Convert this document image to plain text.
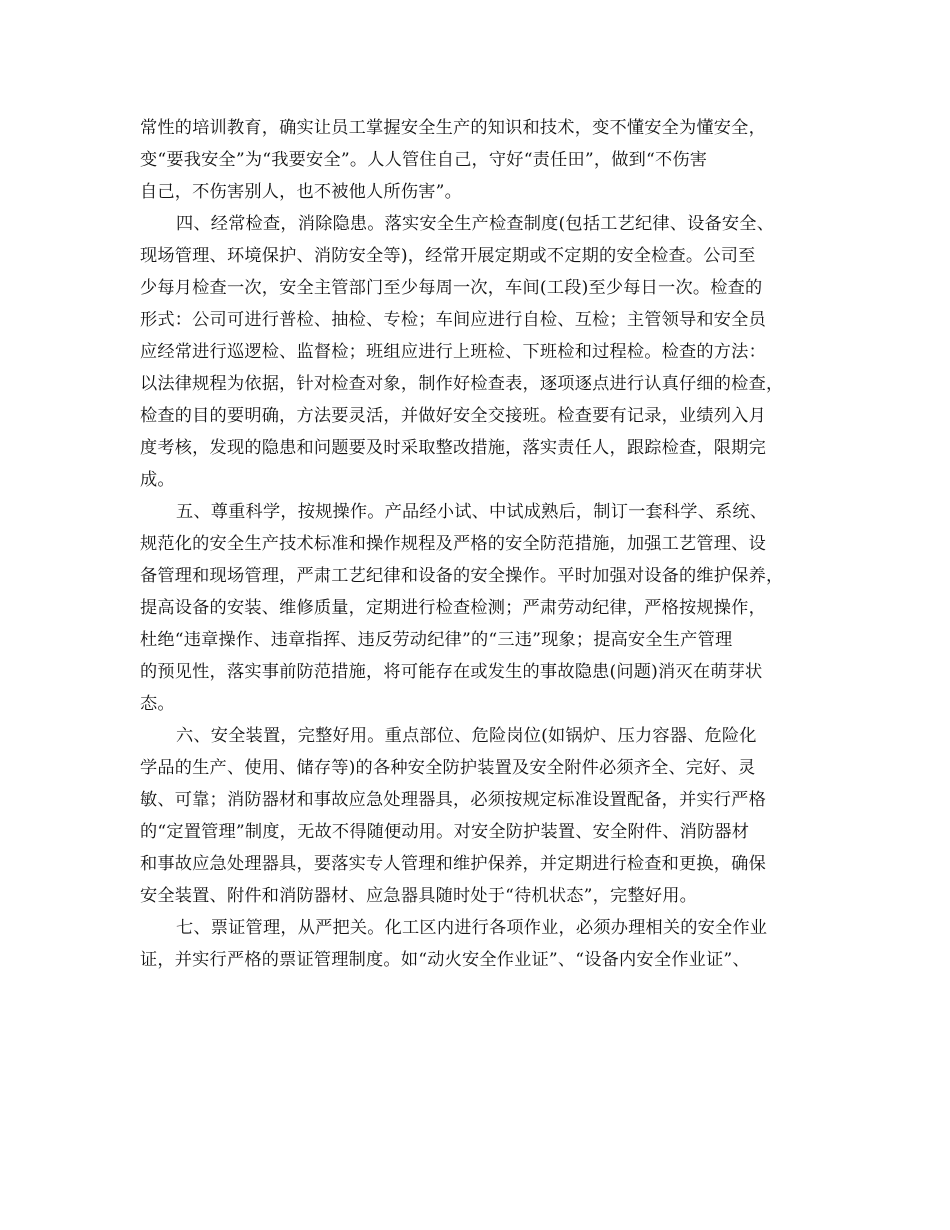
常性的培训教育，确实让员工掌握安全生产的知识和技术，变不懂安全为懂安全，
变“要我安全”为“我要安全”。人人管住自己，守好“责任田”，做到“不伤害
自己，不伤害别人，也不被他人所伤害”。
四、经常检查，消除隐患。落实安全生产检查制度(包括工艺纪律、设备安全、
现场管理、环境保护、消防安全等)，经常开展定期或不定期的安全检查。公司至
少每月检查一次，安全主管部门至少每周一次，车间(工段)至少每日一次。检查的
形式：公司可进行普检、抽检、专检；车间应进行自检、互检；主管领导和安全员
应经常进行巡逻检、监督检；班组应进行上班检、下班检和过程检。检查的方法：
以法律规程为依据，针对检查对象，制作好检查表，逐项逐点进行认真仔细的检查，
检查的目的要明确，方法要灵活，并做好安全交接班。检查要有记录，业绩列入月
度考核，发现的隐患和问题要及时采取整改措施，落实责任人，跟踪检查，限期完
成。
五、尊重科学，按规操作。产品经小试、中试成熟后，制订一套科学、系统、
规范化的安全生产技术标准和操作规程及严格的安全防范措施，加强工艺管理、设
备管理和现场管理，严肃工艺纪律和设备的安全操作。平时加强对设备的维护保养，
提高设备的安装、维修质量，定期进行检查检测；严肃劳动纪律，严格按规操作，
杜绝“违章操作、违章指挥、违反劳动纪律”的“三违”现象；提高安全生产管理
的预见性，落实事前防范措施，将可能存在或发生的事故隐患(问题)消灭在萌芽状
态。
六、安全装置，完整好用。重点部位、危险岗位(如锅炉、压力容器、危险化
学品的生产、使用、储存等)的各种安全防护装置及安全附件必须齐全、完好、灵
敏、可靠；消防器材和事故应急处理器具，必须按规定标准设置配备，并实行严格
的“定置管理”制度，无故不得随便动用。对安全防护装置、安全附件、消防器材
和事故应急处理器具，要落实专人管理和维护保养，并定期进行检查和更换，确保
安全装置、附件和消防器材、应急器具随时处于“待机状态”，完整好用。
七、票证管理，从严把关。化工区内进行各项作业，必须办理相关的安全作业
证，并实行严格的票证管理制度。如“动火安全作业证”、“设备内安全作业证”、
